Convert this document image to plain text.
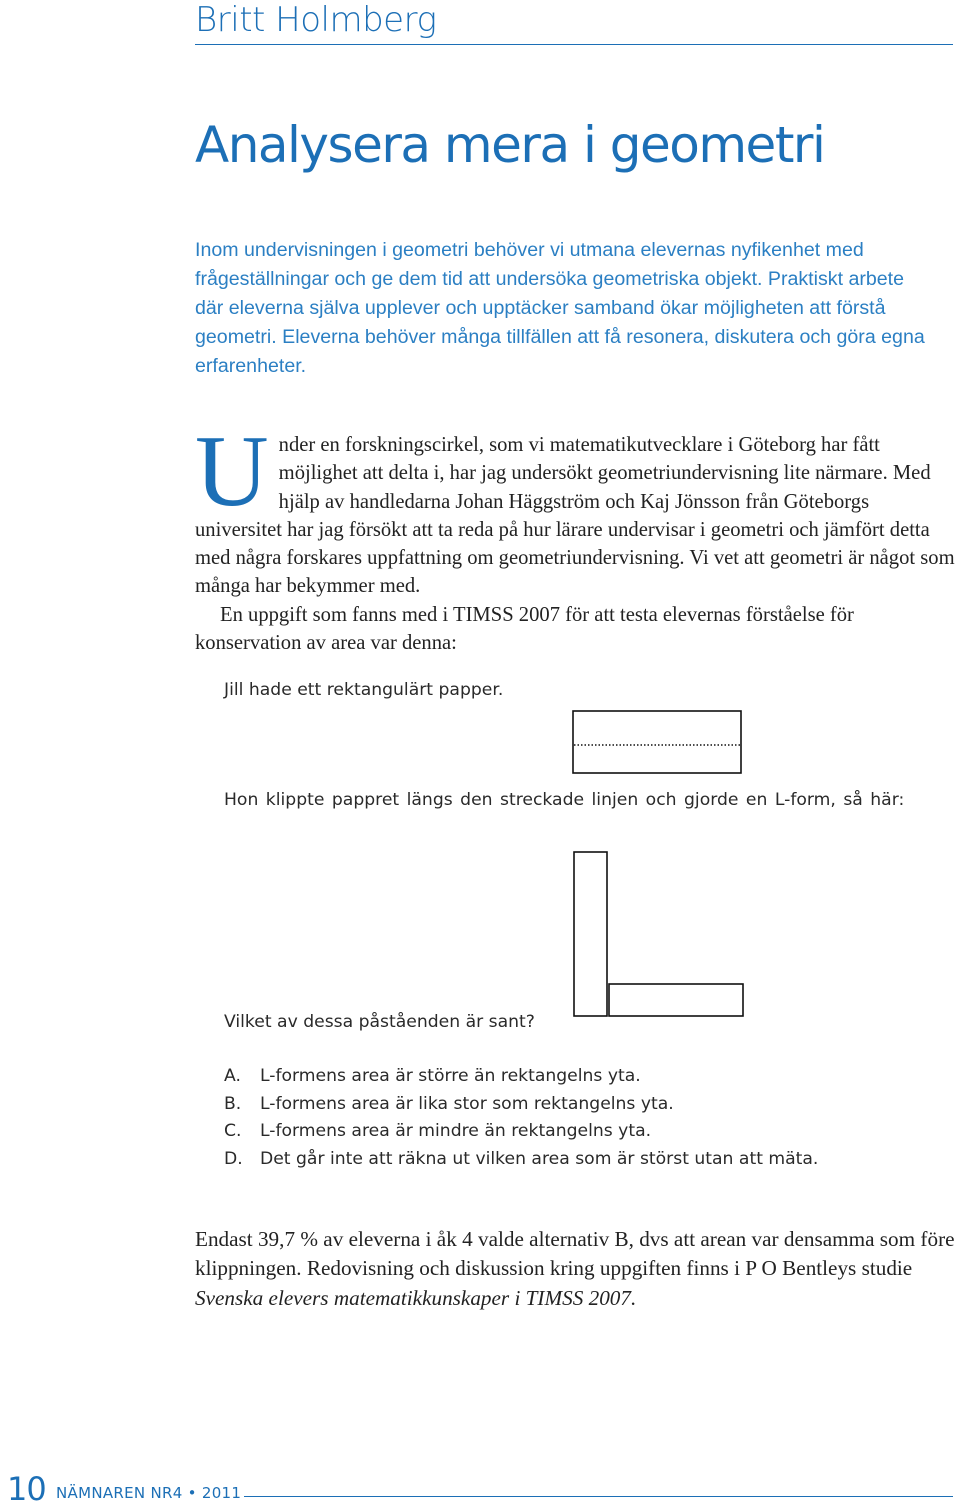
Britt Holmberg
Analysera mera i geometri

Inom undervisningen i geometri behöver vi utmana elevernas nyfikenhet med frågeställningar och ge dem tid att undersöka geometriska objekt. Praktiskt arbete där eleverna själva upplever och upptäcker samband ökar möjligheten att förstå geometri. Eleverna behöver många tillfällen att få resonera, diskutera och göra egna erfarenheter.

Under en forskningscirkel, som vi matematikutvecklare i Göteborg har fått möjlighet att delta i, har jag undersökt geometriundervisning lite närmare. Med hjälp av handledarna Johan Häggström och Kaj Jönsson från Göteborgs universitet har jag försökt att ta reda på hur lärare undervisar i geometri och jämfört detta med några forskares uppfattning om geometriundervisning. Vi vet att geometri är något som många har bekymmer med.
En uppgift som fanns med i TIMSS 2007 för att testa elevernas förståelse för konservation av area var denna:

Jill hade ett rektangulärt papper.

Hon klippte pappret längs den streckade linjen och gjorde en L-form, så här:

Vilket av dessa påståenden är sant?

A.	L-formens area är större än rektangelns yta.
B.	L-formens area är lika stor som rektangelns yta.
C.	L-formens area är mindre än rektangelns yta.
D.	Det går inte att räkna ut vilken area som är störst utan att mäta.

Endast 39,7 % av eleverna i åk 4 valde alternativ B, dvs att arean var densamma som före klippningen. Redovisning och diskussion kring uppgiften finns i P O Bentleys studie Svenska elevers matematikkunskaper i TIMSS 2007.

10 NÄMNAREN NR4 • 2011
